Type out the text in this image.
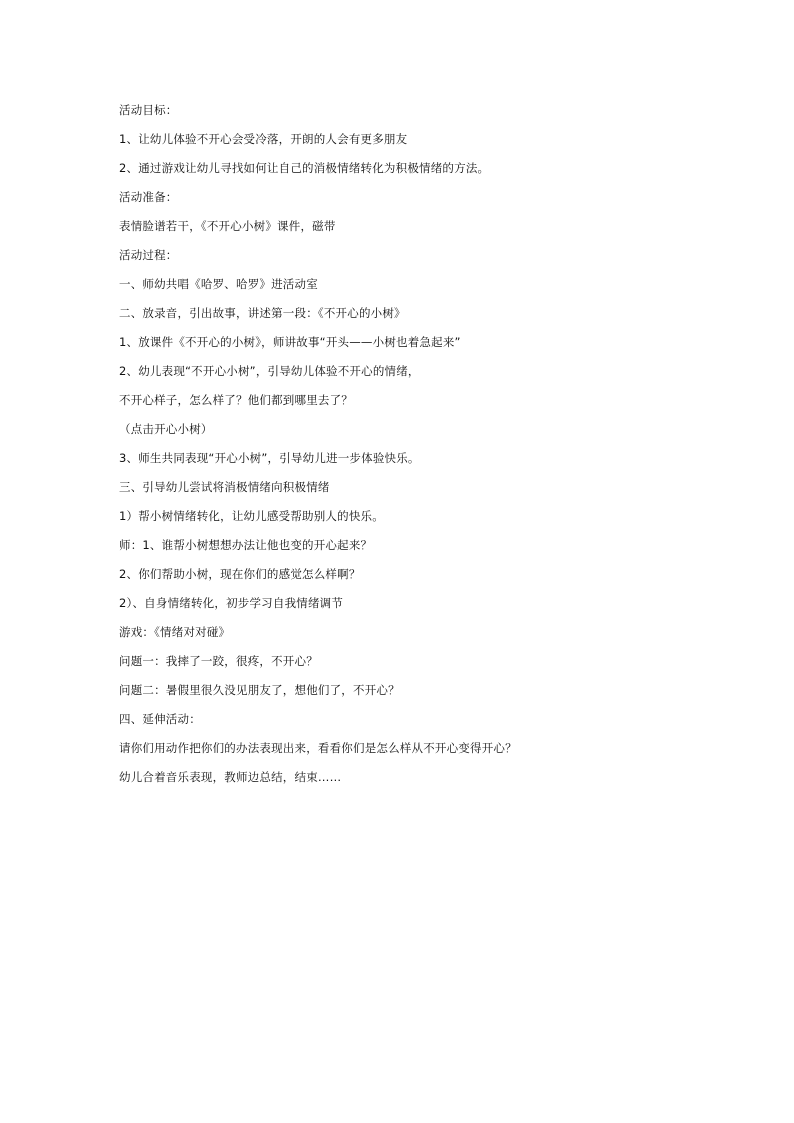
活动目标：
1、让幼儿体验不开心会受冷落，开朗的人会有更多朋友
2、通过游戏让幼儿寻找如何让自己的消极情绪转化为积极情绪的方法。
活动准备：
表情脸谱若干，《不开心小树》课件，磁带
活动过程：
一、师幼共唱《哈罗、哈罗》进活动室
二、放录音，引出故事，讲述第一段：《不开心的小树》
1、放课件《不开心的小树》，师讲故事“开头——小树也着急起来”
2、幼儿表现“不开心小树”，引导幼儿体验不开心的情绪，
不开心样子，怎么样了？他们都到哪里去了？
（点击开心小树）
3、师生共同表现“开心小树”，引导幼儿进一步体验快乐。
三、引导幼儿尝试将消极情绪向积极情绪
1）帮小树情绪转化，让幼儿感受帮助别人的快乐。
师：1、谁帮小树想想办法让他也变的开心起来？
2、你们帮助小树，现在你们的感觉怎么样啊？
2）、自身情绪转化，初步学习自我情绪调节
游戏：《情绪对对碰》
问题一：我摔了一跤，很疼，不开心？
问题二：暑假里很久没见朋友了，想他们了，不开心？
四、延伸活动：
请你们用动作把你们的办法表现出来，看看你们是怎么样从不开心变得开心？
幼儿合着音乐表现，教师边总结，结束……
